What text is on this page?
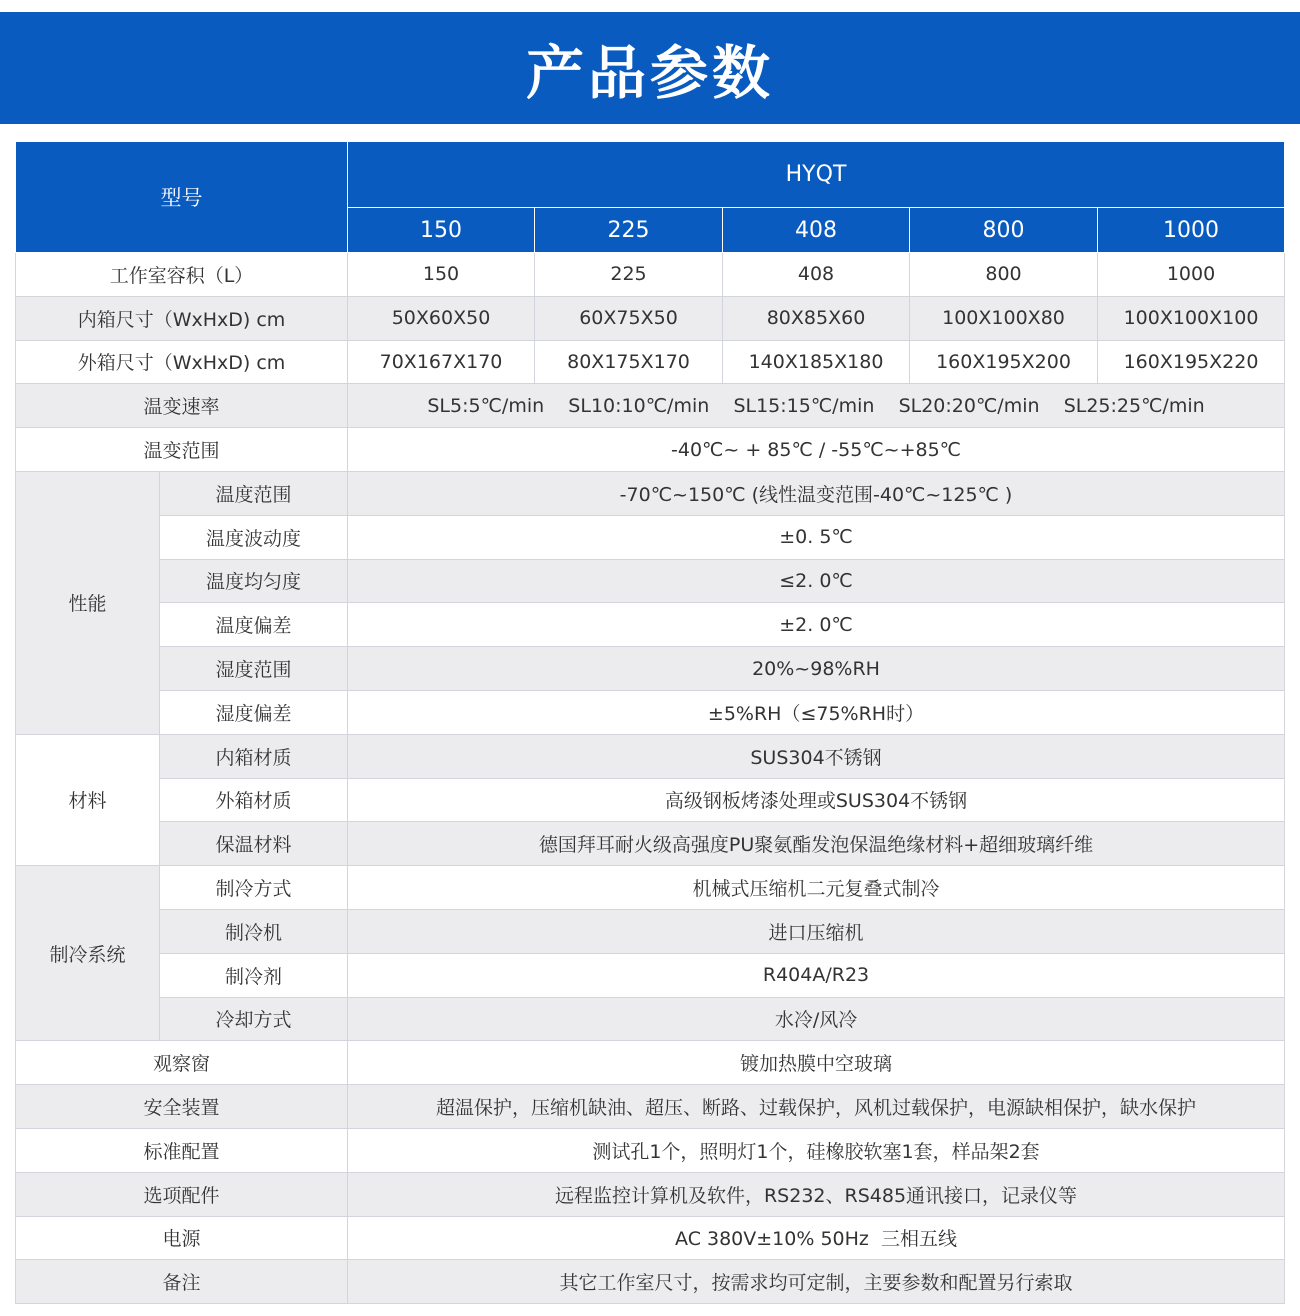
产品参数
型号		HYQT				
		150	225	408	800	1000
工作室容积（L）		150	225	408	800	1000
内箱尺寸（WxHxD) cm		50X60X50	60X75X50	80X85X60	100X100X80	100X100X100
外箱尺寸（WxHxD) cm		70X167X170	80X175X170	140X185X180	160X195X200	160X195X220
温变速率		SL5:5℃/min    SL10:10℃/min    SL15:15℃/min    SL20:20℃/min    SL25:25℃/min				
温变范围		-40℃~ + 85℃ / -55℃~+85℃				
性能	温度范围	-70℃~150℃ (线性温变范围-40℃~125℃ )				
	温度波动度	±0. 5℃				
	温度均匀度	≤2. 0℃				
	温度偏差	±2. 0℃				
	湿度范围	20%~98%RH				
	湿度偏差	±5%RH（≤75%RH时）				
材料	内箱材质	SUS304不锈钢				
	外箱材质	高级钢板烤漆处理或SUS304不锈钢				
	保温材料	德国拜耳耐火级高强度PU聚氨酯发泡保温绝缘材料+超细玻璃纤维				
制冷系统	制冷方式	机械式压缩机二元复叠式制冷				
	制冷机	进口压缩机				
	制冷剂	R404A/R23				
	冷却方式	水冷/风冷				
观察窗		镀加热膜中空玻璃				
安全装置		超温保护，压缩机缺油、超压、断路、过载保护，风机过载保护，电源缺相保护，缺水保护				
标准配置		测试孔1个，照明灯1个，硅橡胶软塞1套，样品架2套				
选项配件		远程监控计算机及软件，RS232、RS485通讯接口，记录仪等				
电源		AC 380V±10% 50Hz  三相五线				
备注		其它工作室尺寸，按需求均可定制，主要参数和配置另行索取				
